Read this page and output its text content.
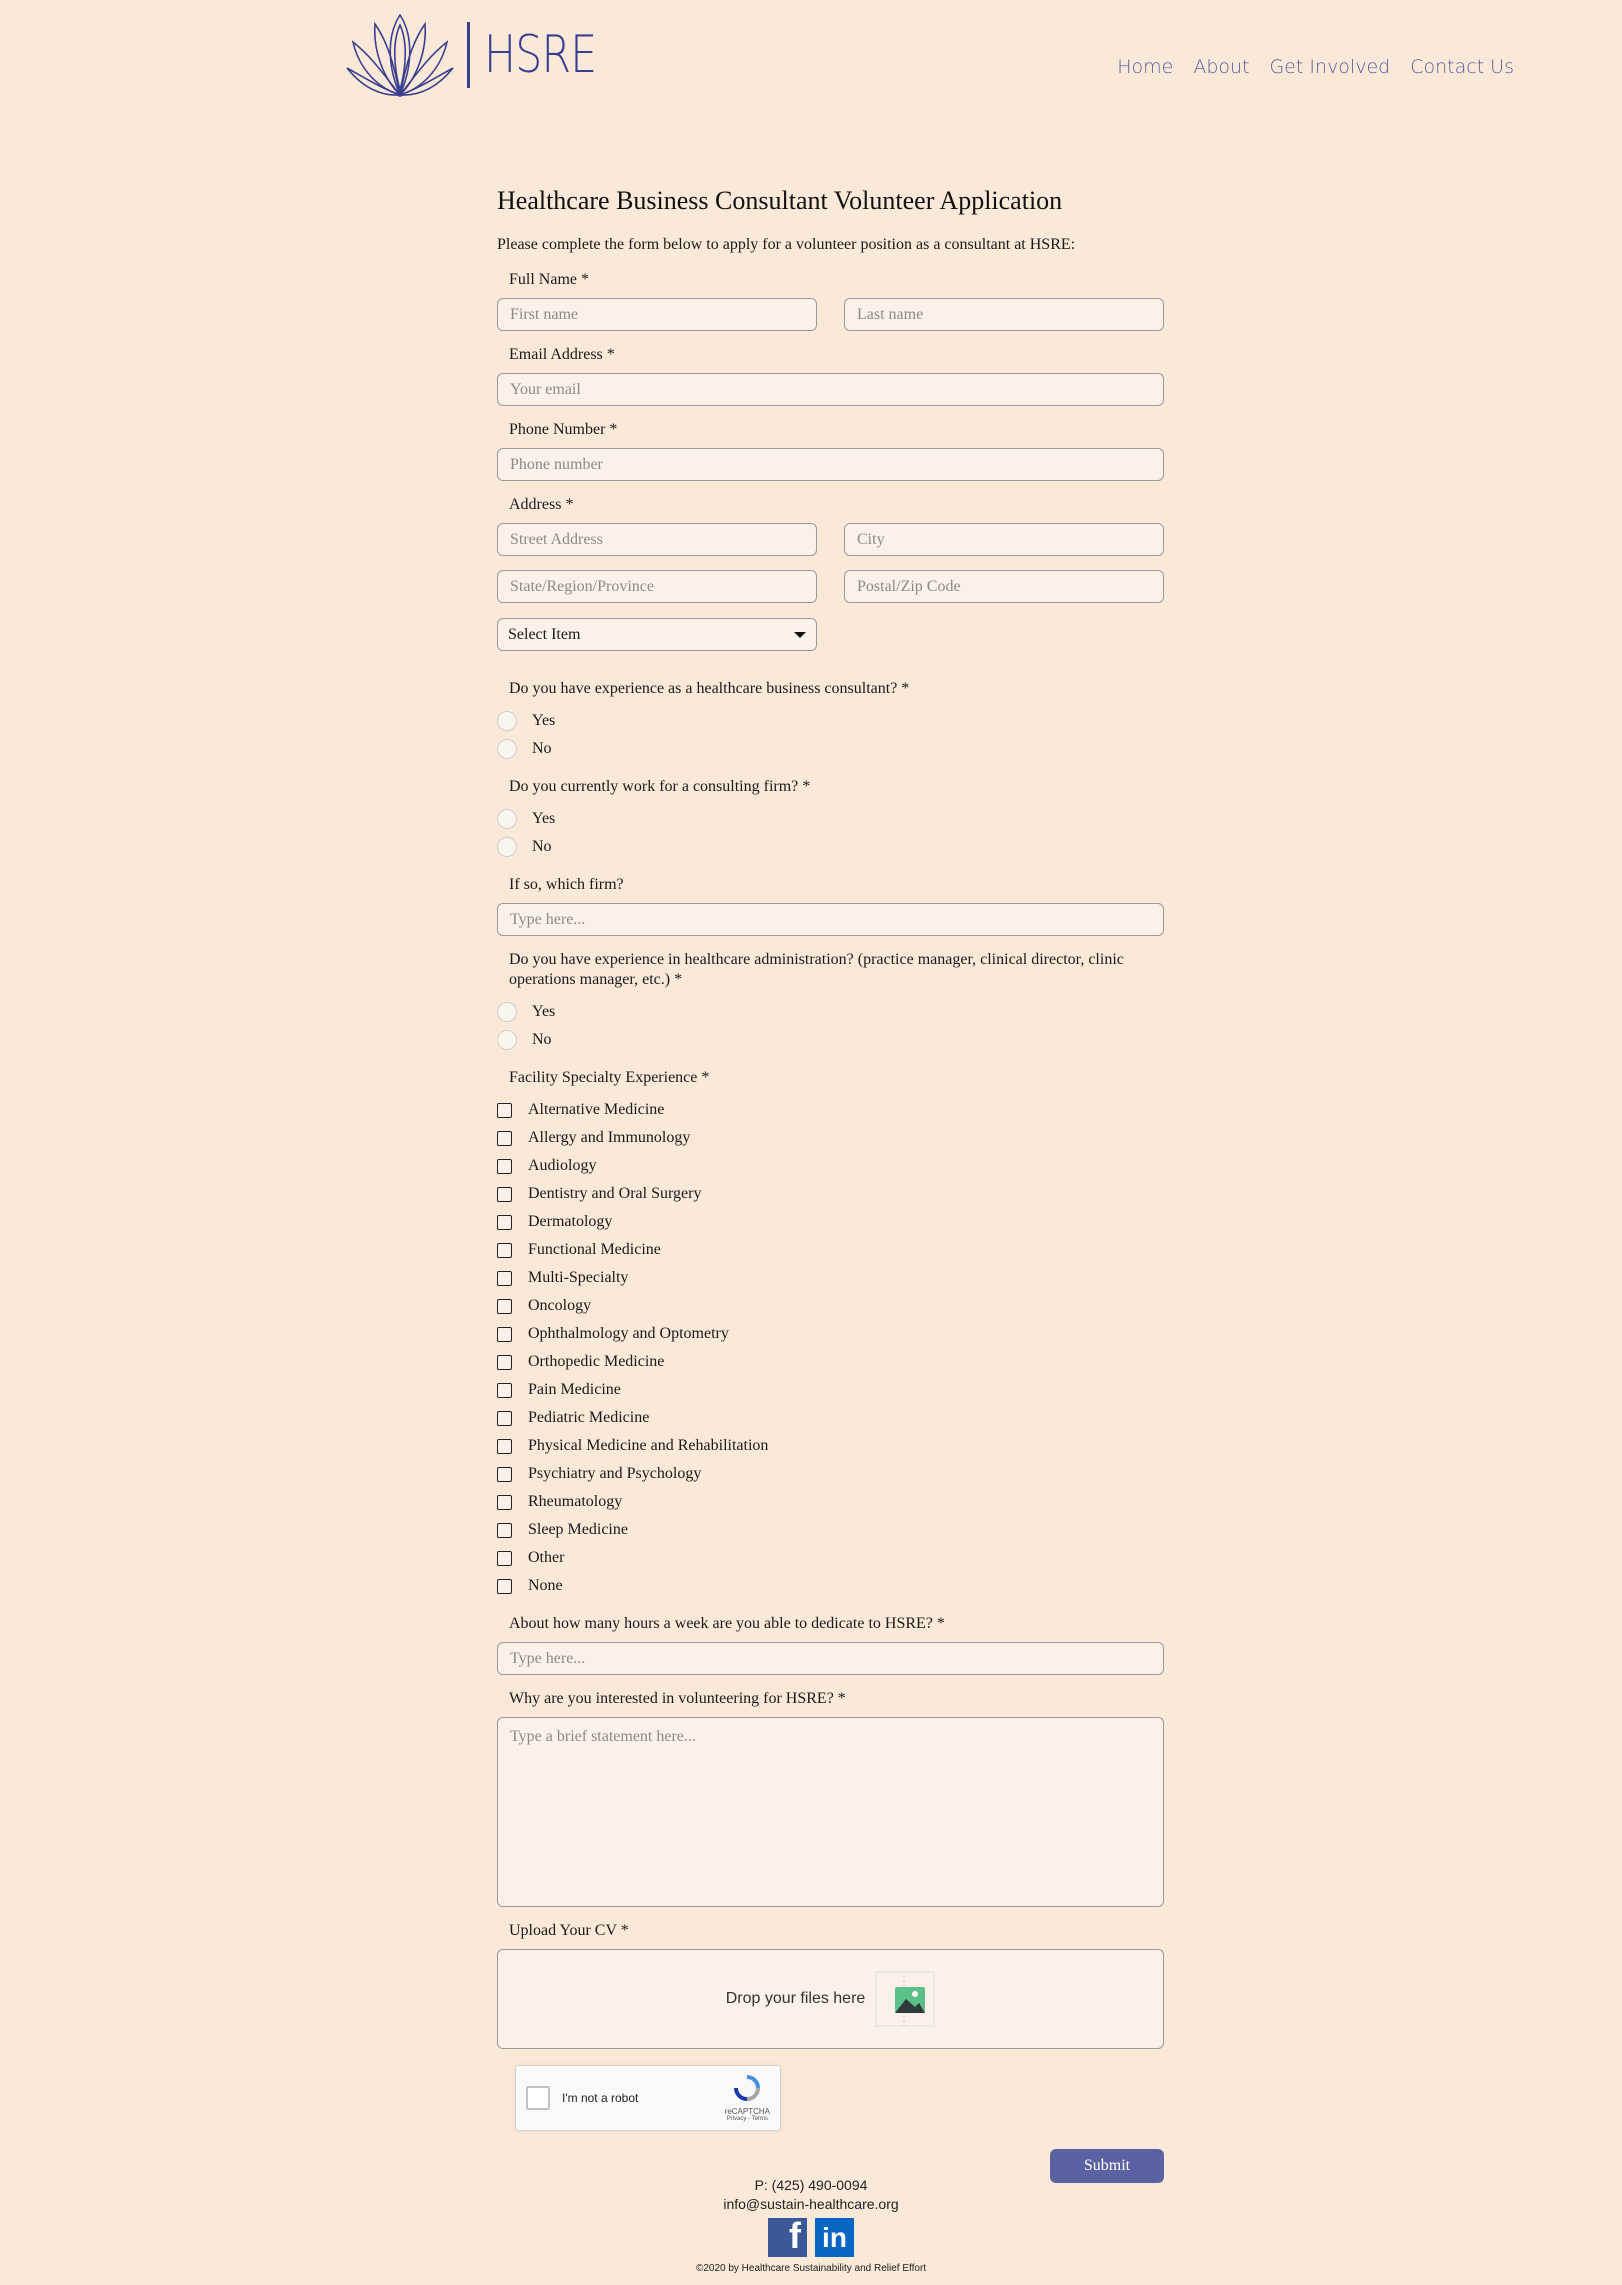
HSRE	Home About Get Involved Contact Us
Healthcare Business Consultant Volunteer Application

Please complete the form below to apply for a volunteer position as a consultant at HSRE:

Full Name *
First name
Last name
Email Address *
Your email
Phone Number *
Phone number
Address *
Street Address
City
State/Region/Province
Postal/Zip Code
Select Item
Do you have experience as a healthcare business consultant? *
Yes
No
Do you currently work for a consulting firm? *
Yes
No
If so, which firm?
Type here...
Do you have experience in healthcare administration? (practice manager, clinical director, clinic operations manager, etc.) *
Yes
No
Facility Specialty Experience *
Alternative Medicine
Allergy and Immunology
Audiology
Dentistry and Oral Surgery
Dermatology
Functional Medicine
Multi-Specialty
Oncology
Ophthalmology and Optometry
Orthopedic Medicine
Pain Medicine
Pediatric Medicine
Physical Medicine and Rehabilitation
Psychiatry and Psychology
Rheumatology
Sleep Medicine
Other
None
About how many hours a week are you able to dedicate to HSRE? *
Type here...
Why are you interested in volunteering for HSRE? *
Type a brief statement here...
Upload Your CV *
Drop your files here
I'm not a robot
reCAPTCHA
Privacy - Terms
Submit
P: (425) 490-0094
info@sustain-healthcare.org
f in
©2020 by Healthcare Sustainability and Relief Effort
